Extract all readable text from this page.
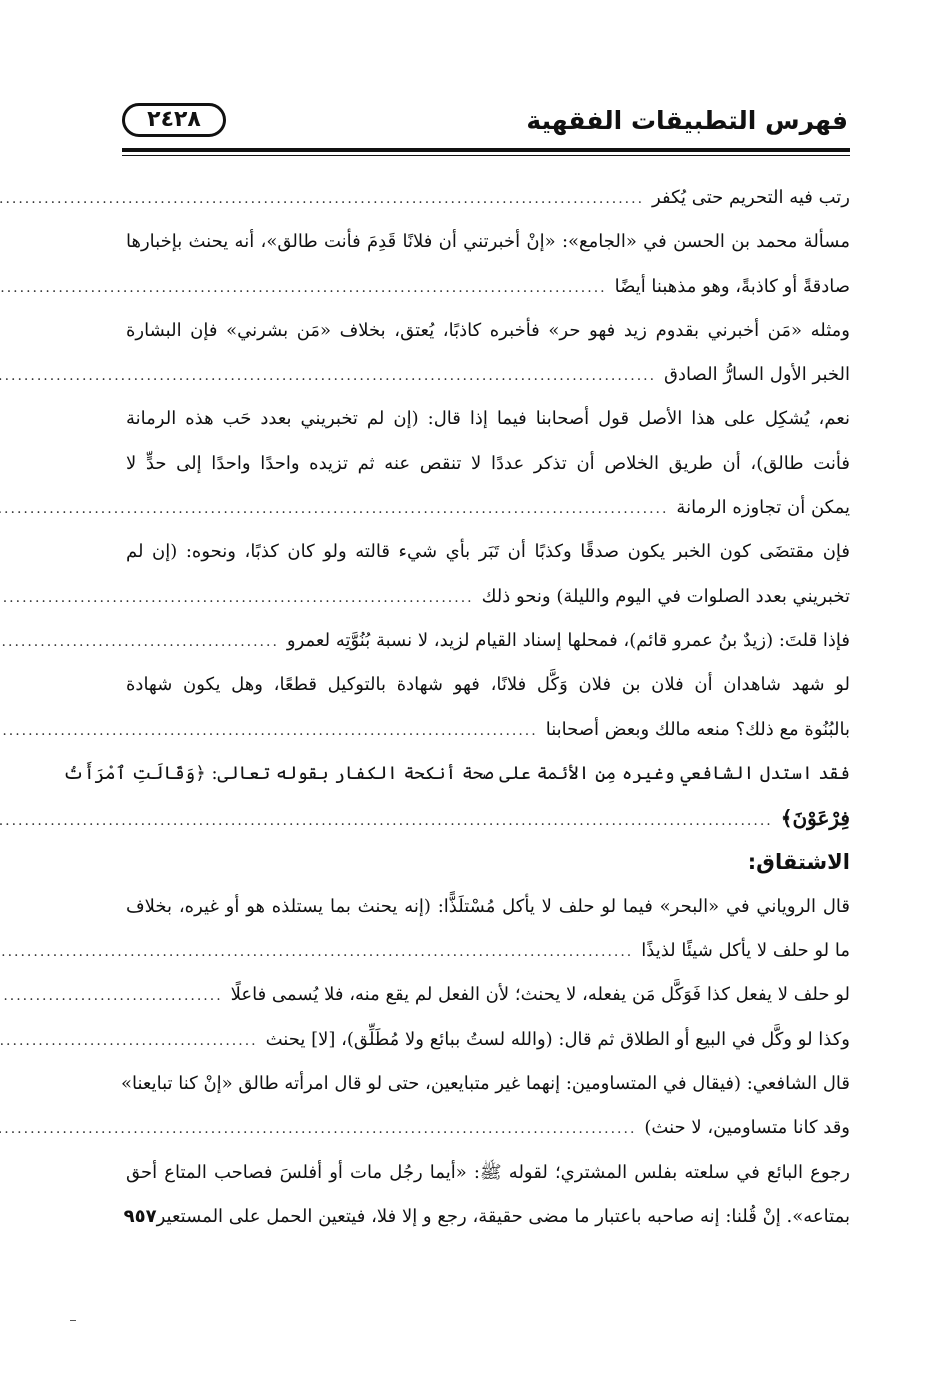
فهرس التطبيقات الفقهية
٢٤٢٨
رتب فيه التحريم حتى يُكفر
.....
مسألة محمد بن الحسن في «الجامع»: «إنْ أخبرتني أن فلانًا قَدِمَ فأنت طالق»، أنه يحنث بإخبارها
صادقةً أو كاذبةً، وهو مذهبنا أيضًا
.....
ومثله «مَن أخبرني بقدوم زيد فهو حر» فأخبره كاذبًا، يُعتق، بخلاف «مَن بشرني» فإن البشارة
الخبر الأول السارُّ الصادق
.....
نعم، يُشكِل على هذا الأصل قول أصحابنا فيما إذا قال: (إن لم تخبريني بعدد حَب هذه الرمانة
فأنت طالق)، أن طريق الخلاص أن تذكر عددًا لا تنقص عنه ثم تزيده واحدًا واحدًا إلى حدٍّ لا
يمكن أن تجاوزه الرمانة
.....
فإن مقتضَى كون الخبر يكون صدقًا وكذبًا أن تَبَر بأي شيء قالته ولو كان كذبًا، ونحوه: (إن لم
تخبريني بعدد الصلوات في اليوم والليلة) ونحو ذلك
.....
فإذا قلتَ: (زيدٌ بنُ عمرو قائم)، فمحلها إسناد القيام لزيد، لا نسبة بُنُوَّتِه لعمرو
.....
لو شهد شاهدان أن فلان بن فلان وَكَّل فلانًا، فهو شهادة بالتوكيل قطعًا، وهل يكون شهادة
بالبُنُوة مع ذلك؟ منعه مالك وبعض أصحابنا
.....
فقد استدل الشافعي وغيره مِن الأئمة على صحة أنكحة الكفار بقوله تعالى: ﴿وَقَالَتِ ٱمْرَأَتُ
فِرْعَوْنَ﴾
.....
الاشتقاق:
قال الروياني في «البحر» فيما لو حلف لا يأكل مُسْتلَذًّا: (إنه يحنث بما يستلذه هو أو غيره، بخلاف
ما لو حلف لا يأكل شيئًا لذيذًا
.....
لو حلف لا يفعل كذا فَوَكَّل مَن يفعله، لا يحنث؛ لأن الفعل لم يقع منه، فلا يُسمى فاعلًا
.....
وكذا لو وكَّل في البيع أو الطلاق ثم قال: (والله لستُ ببائع ولا مُطَلِّق)، [لا] يحنث
.....
قال الشافعي: (فيقال في المتساومين: إنهما غير متبايعين، حتى لو قال امرأته طالق «إنْ كنا تبايعنا»
وقد كانا متساومين، لا حنث)
.....
رجوع البائع في سلعته بفلس المشتري؛ لقوله ﷺ: «أيما رجُل مات أو أفلسَ فصاحب المتاع أحق
بمتاعه». إنْ قُلنا: إنه صاحبه باعتبار ما مضى حقيقة، رجع و إلا فلا، فيتعين الحمل على المستعير
٩٥٧
